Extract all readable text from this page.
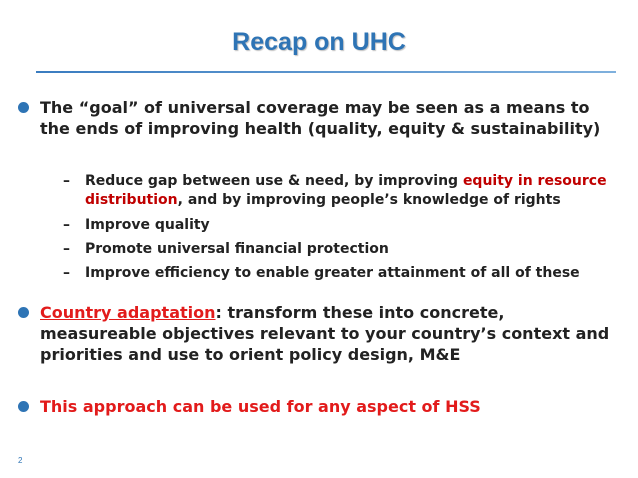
Recap on UHC
The “goal” of universal coverage may be seen as a means to the ends of improving health (quality, equity & sustainability)
– Reduce gap between use & need, by improving equity in resource distribution, and by improving people’s knowledge of rights
– Improve quality
– Promote universal financial protection
– Improve efficiency to enable greater attainment of all of these
Country adaptation: transform these into concrete, measureable objectives relevant to your country’s context and priorities and use to orient policy design, M&E
This approach can be used for any aspect of HSS
2
